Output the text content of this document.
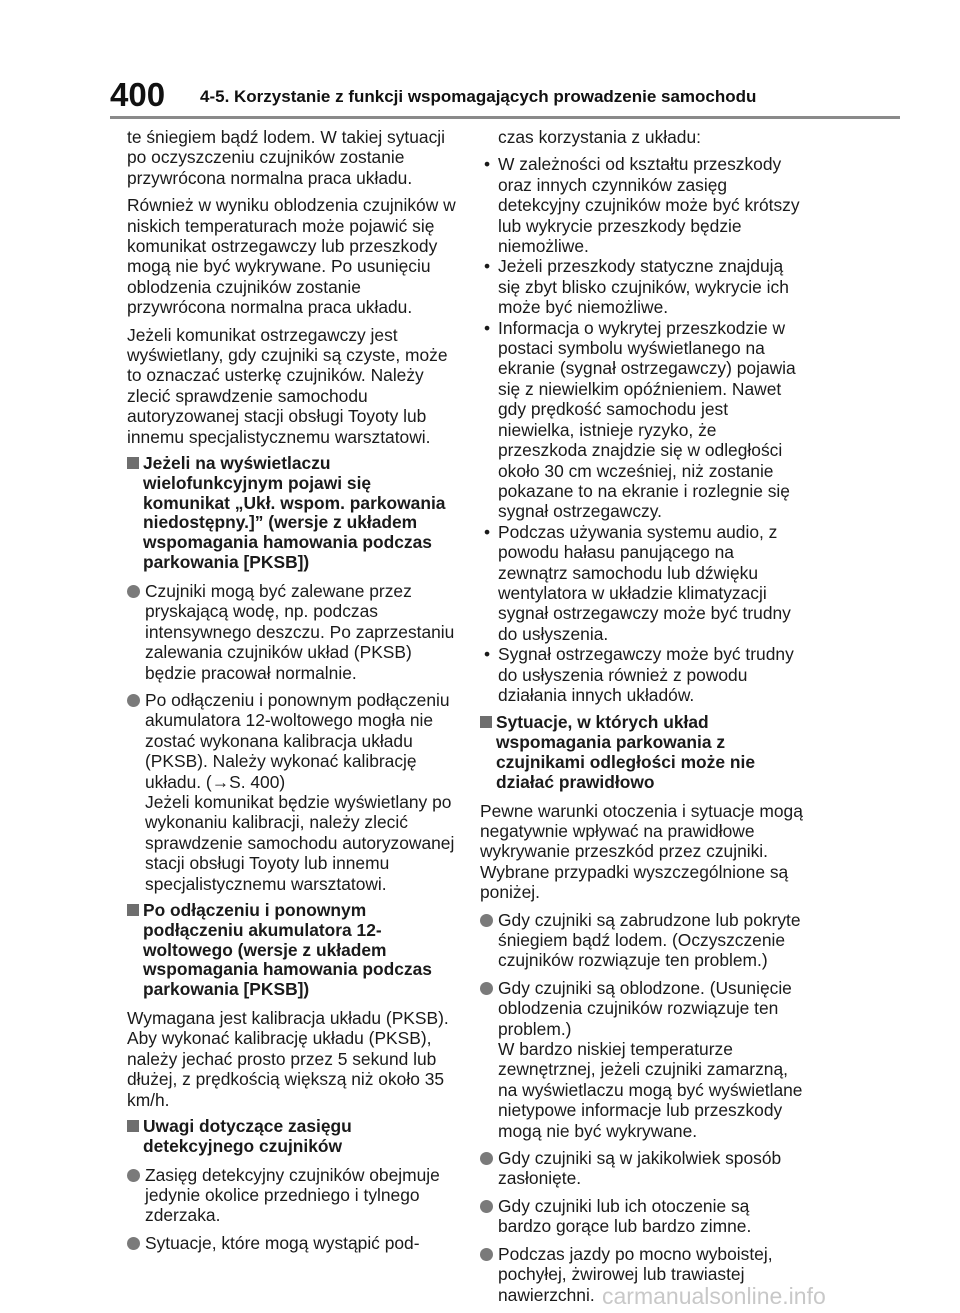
400 4-5. Korzystanie z funkcji wspomagających prowadzenie samochodu

te śniegiem bądź lodem. W takiej sytuacji po oczyszczeniu czujników zostanie przywrócona normalna praca układu.

Również w wyniku oblodzenia czujników w niskich temperaturach może pojawić się komunikat ostrzegawczy lub przeszkody mogą nie być wykrywane. Po usunięciu oblodzenia czujników zostanie przywrócona normalna praca układu.

Jeżeli komunikat ostrzegawczy jest wyświetlany, gdy czujniki są czyste, może to oznaczać usterkę czujników. Należy zlecić sprawdzenie samochodu autoryzowanej stacji obsługi Toyoty lub innemu specjalistycznemu warsztatowi.

Jeżeli na wyświetlaczu wielofunkcyjnym pojawi się komunikat „Ukł. wspom. parkowania niedostępny.]” (wersje z układem wspomagania hamowania podczas parkowania [PKSB])
Czujniki mogą być zalewane przez pryskającą wodę, np. podczas intensywnego deszczu. Po zaprzestaniu zalewania czujników układ (PKSB) będzie pracował normalnie.
Po odłączeniu i ponownym podłączeniu akumulatora 12-woltowego mogła nie zostać wykonana kalibracja układu (PKSB). Należy wykonać kalibrację układu. (→S. 400)
Jeżeli komunikat będzie wyświetlany po wykonaniu kalibracji, należy zlecić sprawdzenie samochodu autoryzowanej stacji obsługi Toyoty lub innemu specjalistycznemu warsztatowi.
Po odłączeniu i ponownym podłączeniu akumulatora 12-woltowego (wersje z układem wspomagania hamowania podczas parkowania [PKSB])

Wymagana jest kalibracja układu (PKSB). Aby wykonać kalibrację układu (PKSB), należy jechać prosto przez 5 sekund lub dłużej, z prędkością większą niż około 35 km/h.

Uwagi dotyczące zasięgu detekcyjnego czujników
Zasięg detekcyjny czujników obejmuje jedynie okolice przedniego i tylnego zderzaka.
Sytuacje, które mogą wystąpić pod-
czas korzystania z układu:
• W zależności od kształtu przeszkody oraz innych czynników zasięg detekcyjny czujników może być krótszy lub wykrycie przeszkody będzie niemożliwe.
• Jeżeli przeszkody statyczne znajdują się zbyt blisko czujników, wykrycie ich może być niemożliwe.
• Informacja o wykrytej przeszkodzie w postaci symbolu wyświetlanego na ekranie (sygnał ostrzegawczy) pojawia się z niewielkim opóźnieniem. Nawet gdy prędkość samochodu jest niewielka, istnieje ryzyko, że przeszkoda znajdzie się w odległości około 30 cm wcześniej, niż zostanie pokazane to na ekranie i rozlegnie się sygnał ostrzegawczy.
• Podczas używania systemu audio, z powodu hałasu panującego na zewnątrz samochodu lub dźwięku wentylatora w układzie klimatyzacji sygnał ostrzegawczy może być trudny do usłyszenia.
• Sygnał ostrzegawczy może być trudny do usłyszenia również z powodu działania innych układów.
Sytuacje, w których układ wspomagania parkowania z czujnikami odległości może nie działać prawidłowo

Pewne warunki otoczenia i sytuacje mogą negatywnie wpływać na prawidłowe wykrywanie przeszkód przez czujniki. Wybrane przypadki wyszczególnione są poniżej.

Gdy czujniki są zabrudzone lub pokryte śniegiem bądź lodem. (Oczyszczenie czujników rozwiązuje ten problem.)
Gdy czujniki są oblodzone. (Usunięcie oblodzenia czujników rozwiązuje ten problem.)
W bardzo niskiej temperaturze zewnętrznej, jeżeli czujniki zamarzną, na wyświetlaczu mogą być wyświetlane nietypowe informacje lub przeszkody mogą nie być wykrywane.
Gdy czujniki są w jakikolwiek sposób zasłonięte.
Gdy czujniki lub ich otoczenie są bardzo gorące lub bardzo zimne.
Podczas jazdy po mocno wyboistej, pochyłej, żwirowej lub trawiastej nawierzchni. carmanualsonline.info
